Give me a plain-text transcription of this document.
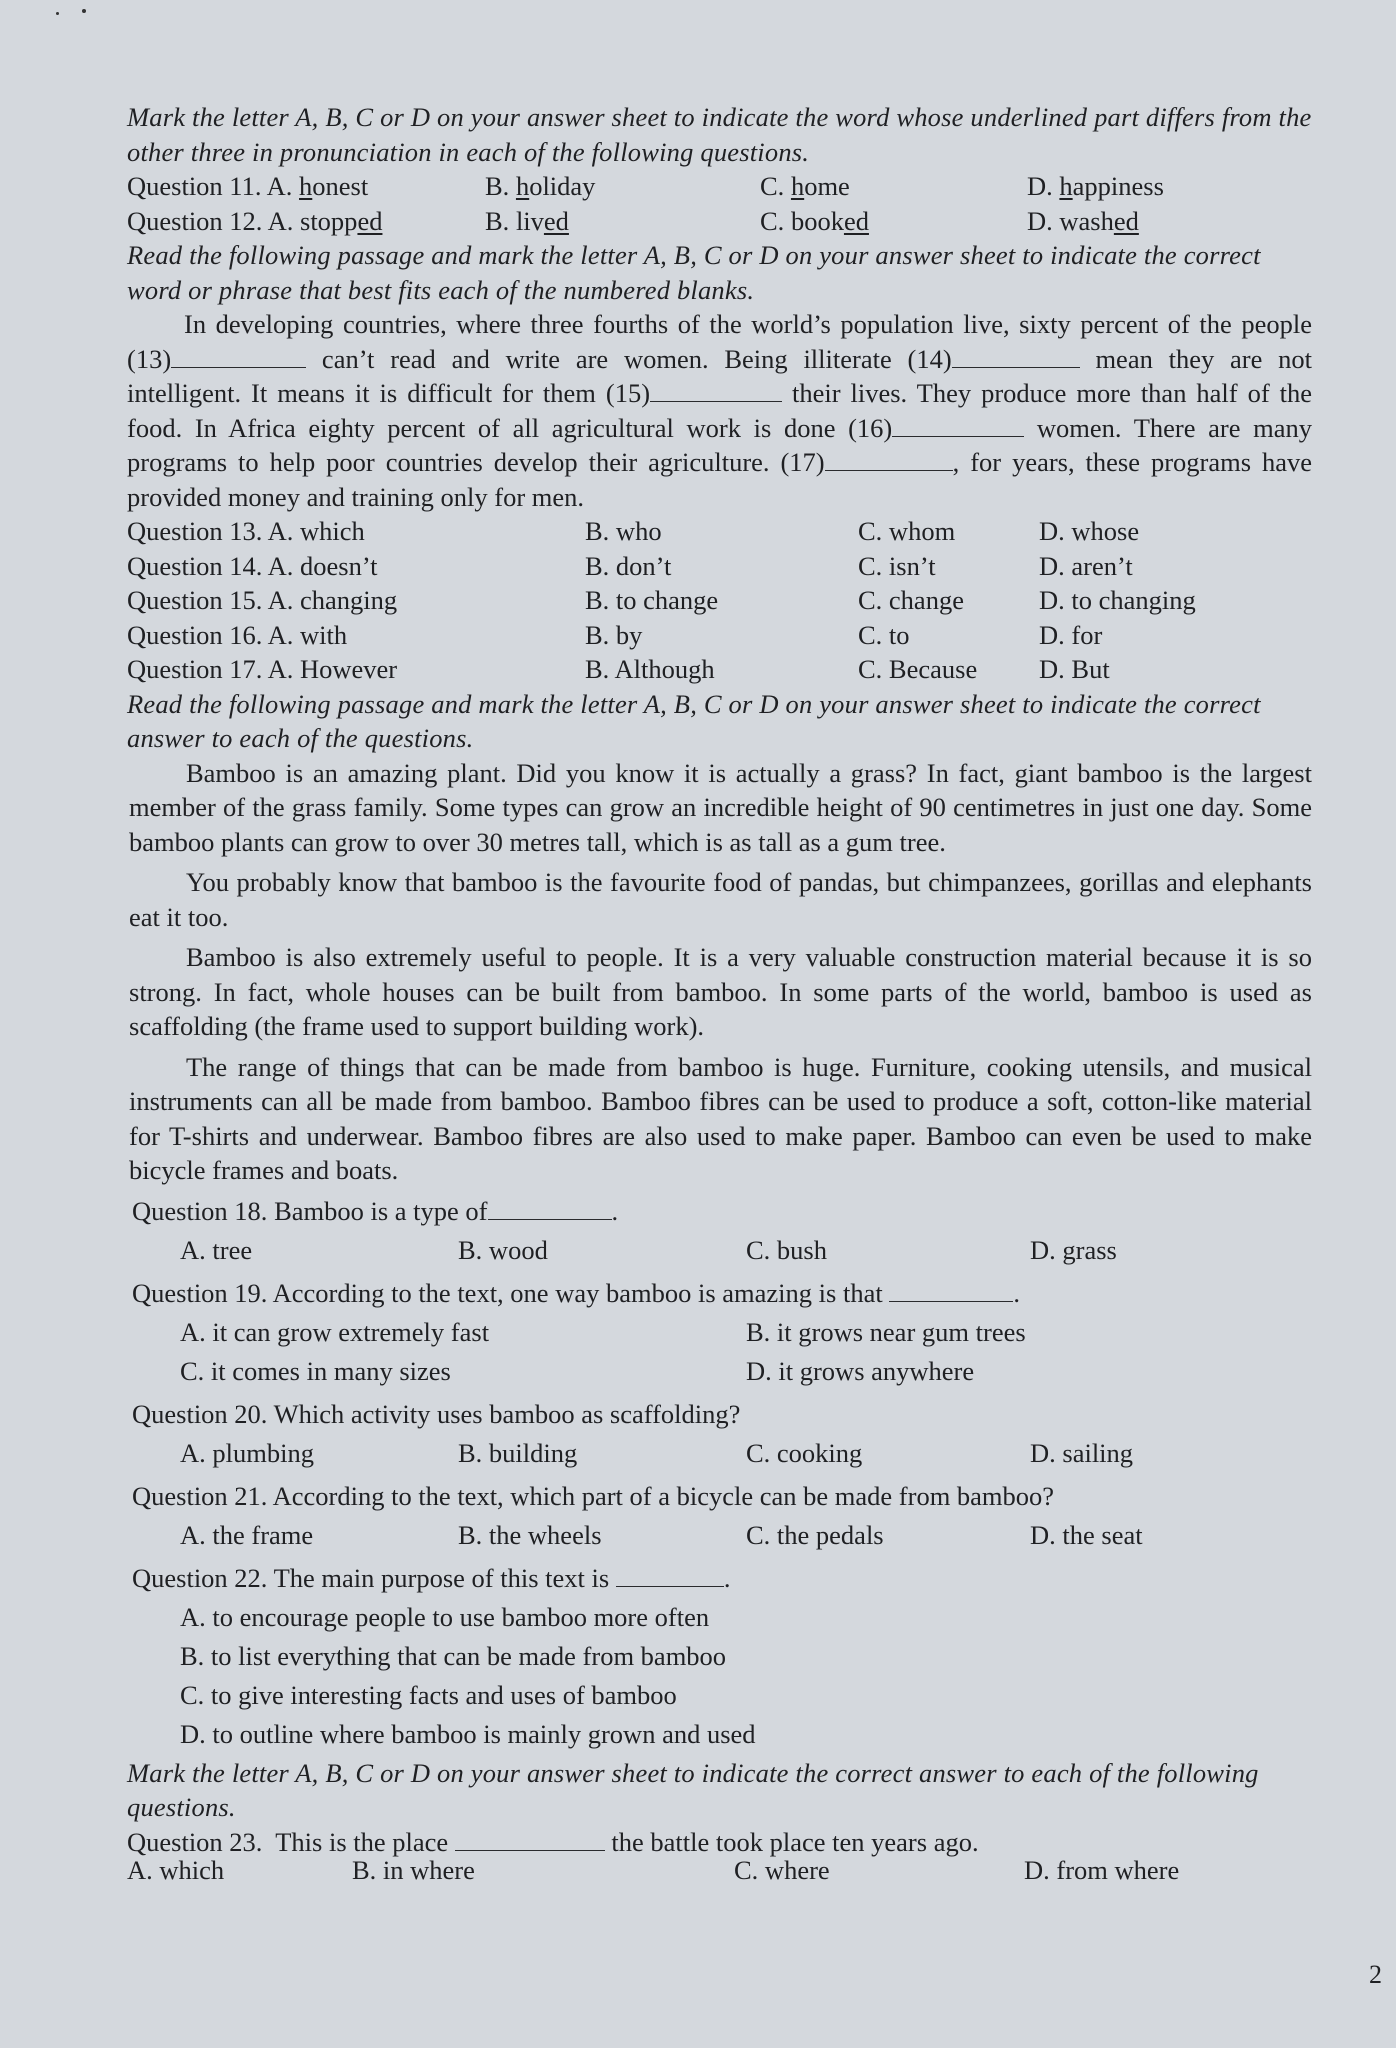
Mark the letter A, B, C or D on your answer sheet to indicate the word whose underlined part differs from the other three in pronunciation in each of the following questions.
Question 11. A. honest	B. holiday	C. home	D. happiness
Question 12. A. stopped	B. lived	C. booked	D. washed
Read the following passage and mark the letter A, B, C or D on your answer sheet to indicate the correct word or phrase that best fits each of the numbered blanks.

In developing countries, where three fourths of the world’s population live, sixty percent of the people (13)	can’t read and write are women. Being illiterate (14)	mean they are not intelligent. It means it is difficult for them (15)	their lives. They produce more than half of the food. In Africa eighty percent of all agricultural work is done (16)	women. There are many programs to help poor countries develop their agriculture. (17)	, for years, these programs have provided money and training only for men.

Question 13. A. which	B. who	C. whom	D. whose
Question 14. A. doesn’t	B. don’t	C. isn’t	D. aren’t
Question 15. A. changing	B. to change	C. change	D. to changing
Question 16. A. with	B. by	C. to	D. for
Question 17. A. However	B. Although	C. Because	D. But
Read the following passage and mark the letter A, B, C or D on your answer sheet to indicate the correct answer to each of the questions.

Bamboo is an amazing plant. Did you know it is actually a grass? In fact, giant bamboo is the largest member of the grass family. Some types can grow an incredible height of 90 centimetres in just one day. Some bamboo plants can grow to over 30 metres tall, which is as tall as a gum tree.

You probably know that bamboo is the favourite food of pandas, but chimpanzees, gorillas and elephants eat it too.

Bamboo is also extremely useful to people. It is a very valuable construction material because it is so strong. In fact, whole houses can be built from bamboo. In some parts of the world, bamboo is used as scaffolding (the frame used to support building work).

The range of things that can be made from bamboo is huge. Furniture, cooking utensils, and musical instruments can all be made from bamboo. Bamboo fibres can be used to produce a soft, cotton-like material for T-shirts and underwear. Bamboo fibres are also used to make paper. Bamboo can even be used to make bicycle frames and boats.

Question 18. Bamboo is a type of	.
A. tree	B. wood	C. bush	D. grass
Question 19. According to the text, one way bamboo is amazing is that	.
A. it can grow extremely fast	B. it grows near gum trees
C. it comes in many sizes	D. it grows anywhere
Question 20. Which activity uses bamboo as scaffolding?
A. plumbing	B. building	C. cooking	D. sailing
Question 21. According to the text, which part of a bicycle can be made from bamboo?
A. the frame	B. the wheels	C. the pedals	D. the seat
Question 22. The main purpose of this text is	.
A. to encourage people to use bamboo more often
B. to list everything that can be made from bamboo
C. to give interesting facts and uses of bamboo
D. to outline where bamboo is mainly grown and used
Mark the letter A, B, C or D on your answer sheet to indicate the correct answer to each of the following questions.
Question 23. This is the place	the battle took place ten years ago.
A. which	B. in where	C. where	D. from where
2
